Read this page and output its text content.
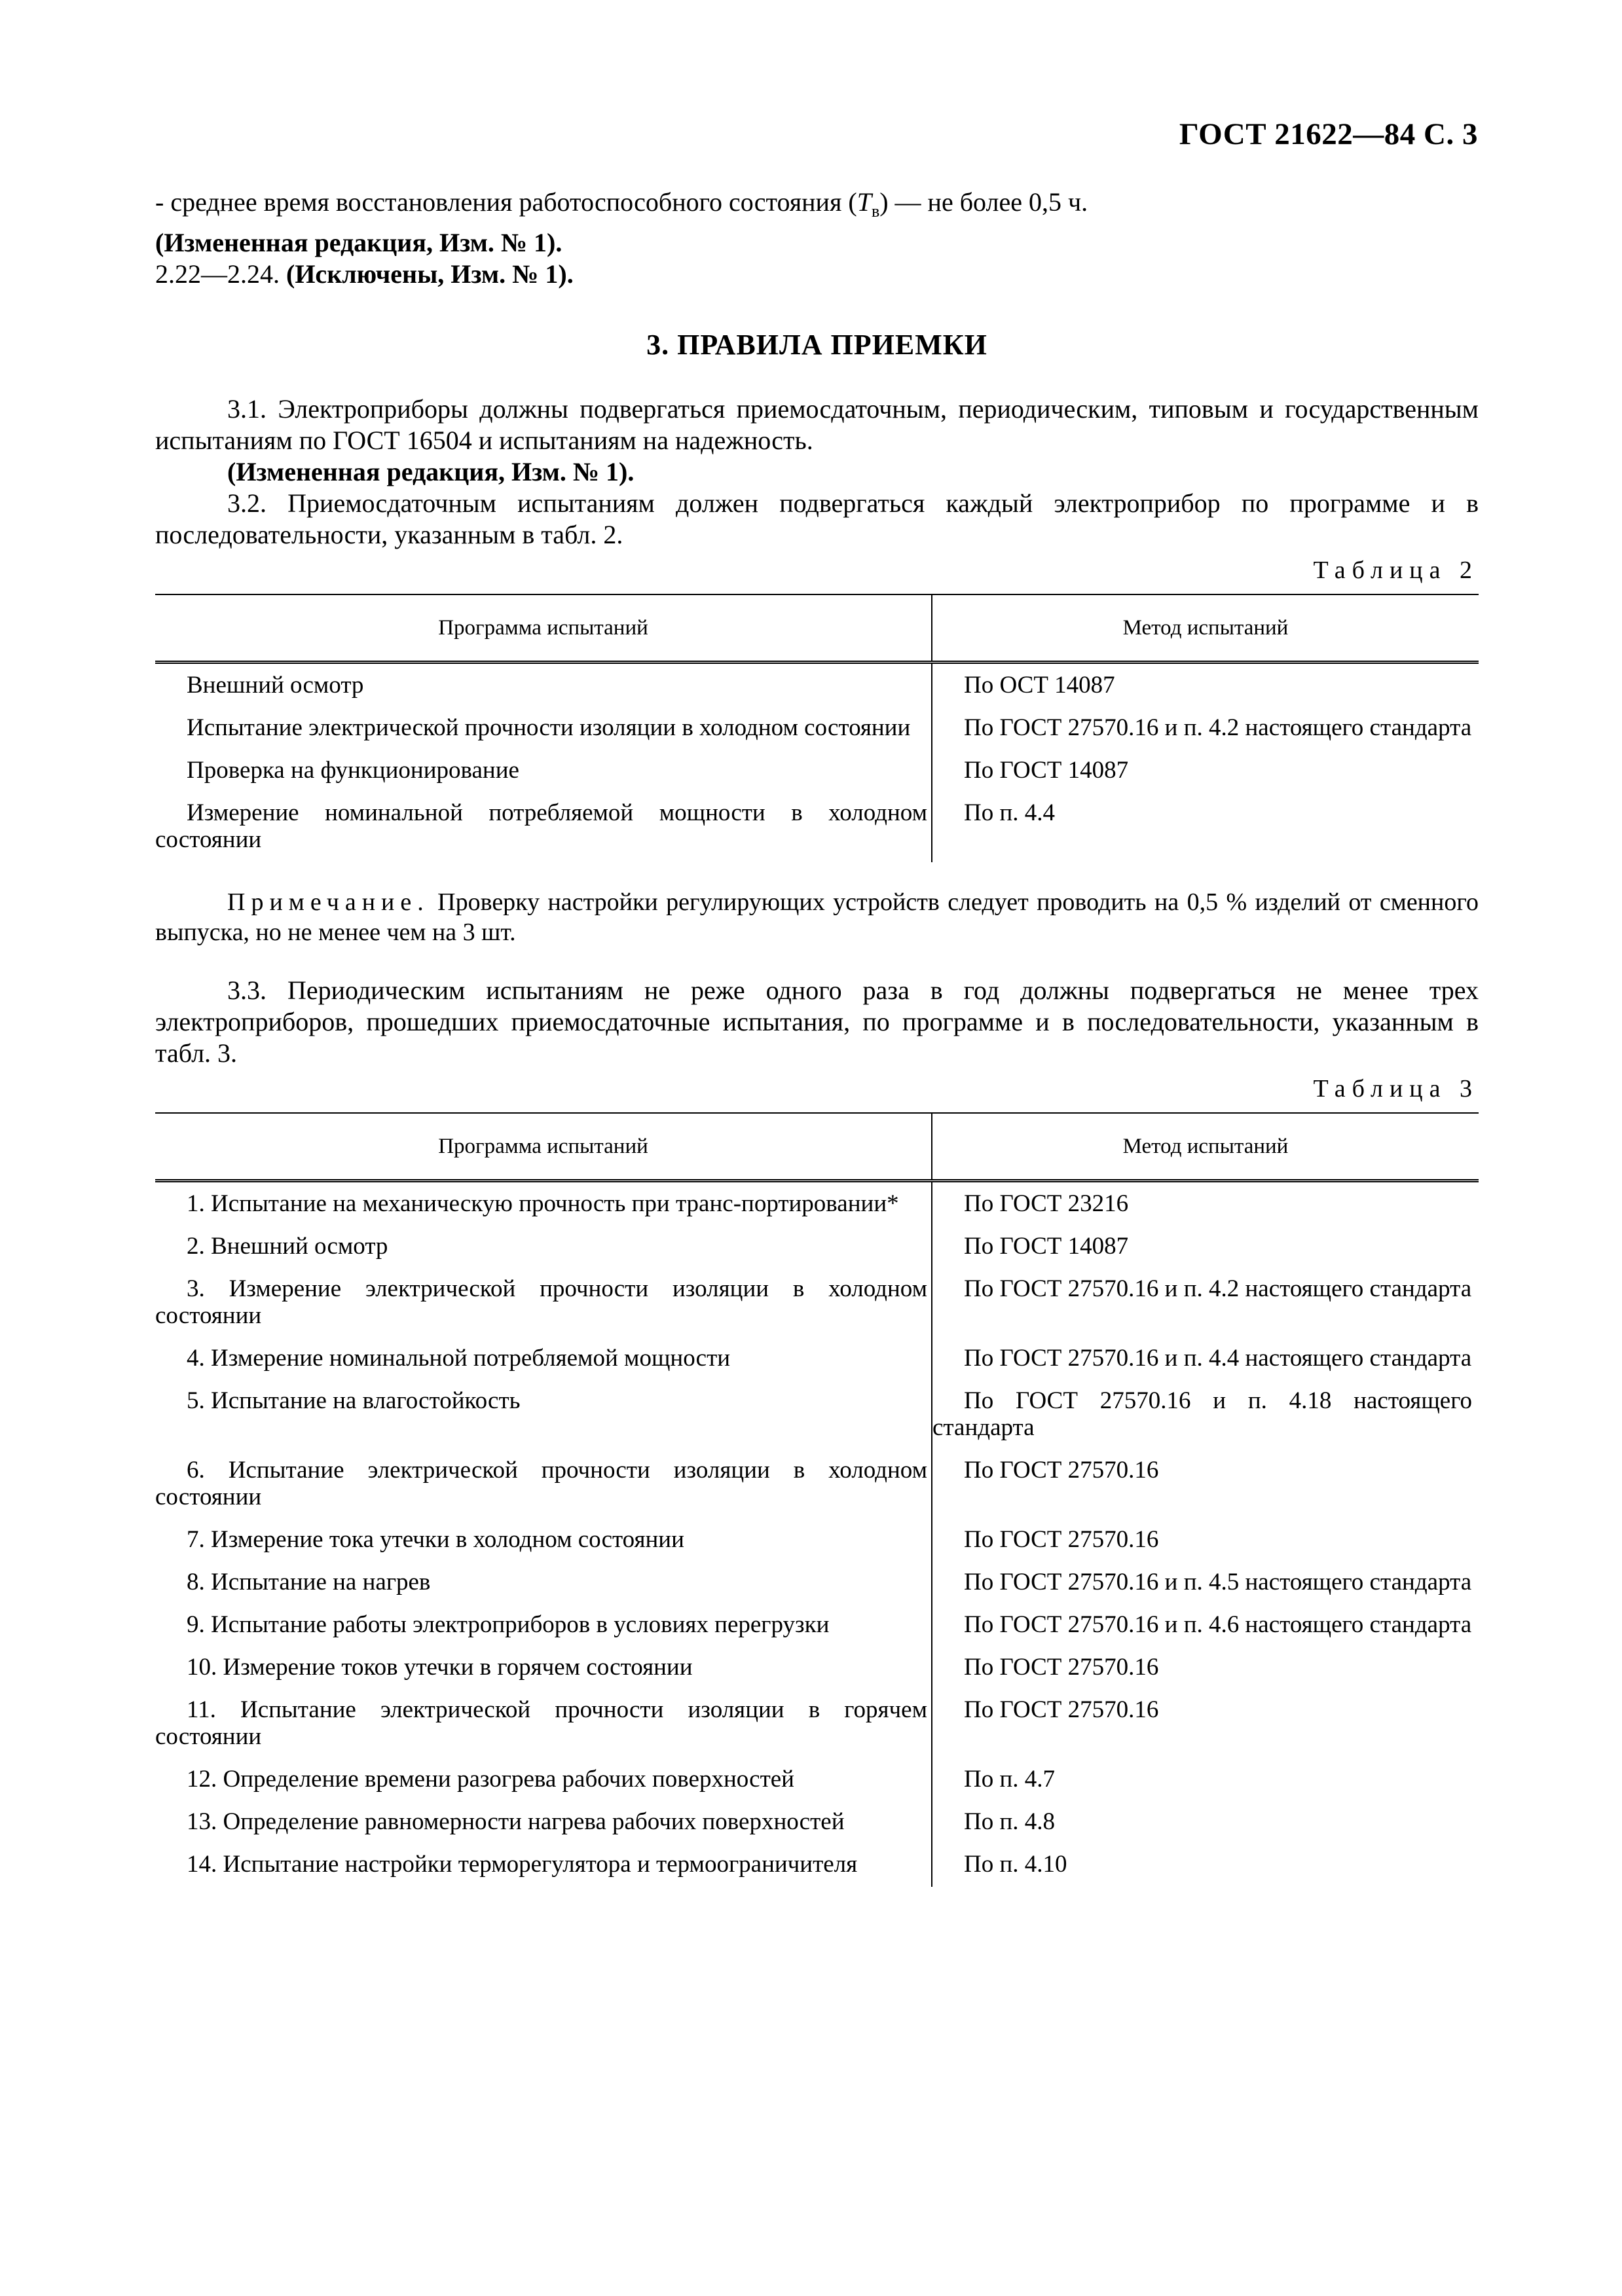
ГОСТ 21622—84 С. 3

- среднее время восстановления работоспособного состояния $(T_в)$ — не более 0,5 ч.

(Измененная редакция, Изм. № 1).

2.22—2.24. (Исключены, Изм. № 1).

3. ПРАВИЛА ПРИЕМКИ

3.1. Электроприборы должны подвергаться приемосдаточным, периодическим, типовым и государственным испытаниям по ГОСТ 16504 и испытаниям на надежность.

(Измененная редакция, Изм. № 1).

3.2. Приемосдаточным испытаниям должен подвергаться каждый электроприбор по программе и в последовательности, указанным в табл. 2.

Таблица 2
Программа испытаний	Метод испытаний

Внешний осмотр	По ОСТ 14087

Испытание электрической прочности изоляции в холодном состоянии	По ГОСТ 27570.16 и п. 4.2 настоящего стандарта

Проверка на функционирование	По ГОСТ 14087

Измерение номинальной потребляемой мощности в холодном состоянии	По п. 4.4

Примечание. Проверку настройки регулирующих устройств следует проводить на 0,5 % изделий от сменного выпуска, но не менее чем на 3 шт.

3.3. Периодическим испытаниям не реже одного раза в год должны подвергаться не менее трех электроприборов, прошедших приемосдаточные испытания, по программе и в последовательности, указанным в табл. 3.

Таблица 3
Программа испытаний	Метод испытаний

1. Испытание на механическую прочность при транс-портировании*	По ГОСТ 23216

2. Внешний осмотр	По ГОСТ 14087

3. Измерение электрической прочности изоляции в холодном состоянии	По ГОСТ 27570.16 и п. 4.2 настоящего стандарта

4. Измерение номинальной потребляемой мощности	По ГОСТ 27570.16 и п. 4.4 настоящего стандарта

5. Испытание на влагостойкость	По ГОСТ 27570.16 и п. 4.18 настоящего стандарта

6. Испытание электрической прочности изоляции в холодном состоянии	По ГОСТ 27570.16

7. Измерение тока утечки в холодном состоянии	По ГОСТ 27570.16

8. Испытание на нагрев	По ГОСТ 27570.16 и п. 4.5 настоящего стандарта

9. Испытание работы электроприборов в условиях перегрузки	По ГОСТ 27570.16 и п. 4.6 настоящего стандарта

10. Измерение токов утечки в горячем состоянии	По ГОСТ 27570.16

11. Испытание электрической прочности изоляции в горячем состоянии	По ГОСТ 27570.16

12. Определение времени разогрева рабочих поверхностей	По п. 4.7

13. Определение равномерности нагрева рабочих поверхностей	По п. 4.8

14. Испытание настройки терморегулятора и термоограничителя	По п. 4.10
